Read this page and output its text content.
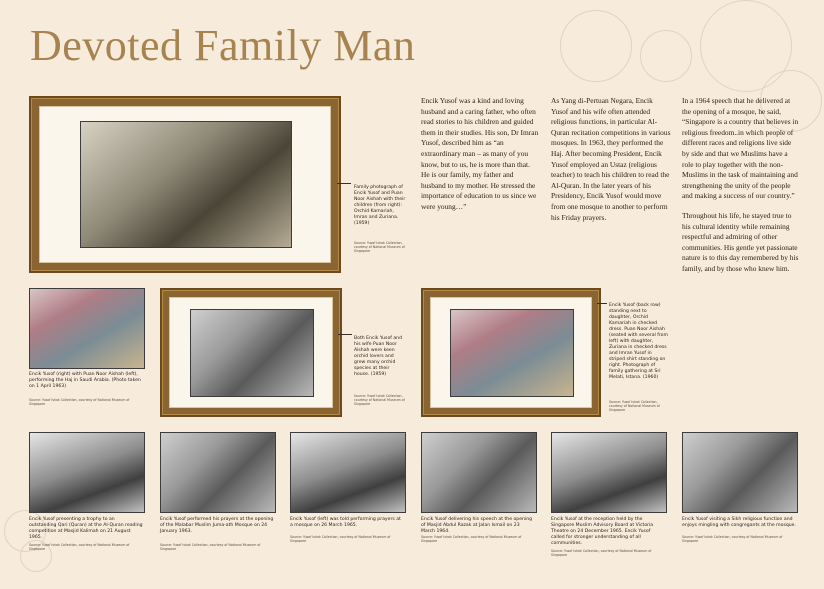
Devoted Family Man
Family photograph of Encik Yusof and Puan Noor Aishah with their children (from right): Orchid Kamariah, Imran and Zuriana. (1959)
Source: Yusof Ishak Collection, courtesy of National Museum of Singapore

Encik Yusof was a kind and loving husband and a caring father, who often read stories to his children and guided them in their studies. His son, Dr Imran Yusof, described him as “an extraordinary man – as many of you know, but to us, he is more than that. He is our family, my father and husband to my mother. He stressed the importance of education to us since we were young…”

As Yang di-Pertuan Negara, Encik Yusof and his wife often attended religious functions, in particular Al-Quran recitation competitions in various mosques. In 1963, they performed the Haj. After becoming President, Encik Yusof employed an Ustaz (religious teacher) to teach his children to read the Al-Quran. In the later years of his Presidency, Encik Yusof would move from one mosque to another to perform his Friday prayers.

In a 1964 speech that he delivered at the opening of a mosque, he said, “Singapore is a country that believes in religious freedom..in which people of different races and religions live side by side and that we Muslims have a role to play together with the non-Muslims in the task of maintaining and strengthening the unity of the people and making a success of our country.”

Throughout his life, he stayed true to his cultural identity while remaining respectful and admiring of other communities. His gentle yet passionate nature is to this day remembered by his family, and by those who knew him.

Encik Yusof (right) with Puan Noor Aishah (left), performing the Haj in Saudi Arabia. (Photo taken on 1 April 1963)
Source: Yusof Ishak Collection, courtesy of National Museum of Singapore
Both Encik Yusof and his wife Puan Noor Aishah were keen orchid lovers and grew many orchid species at their house. (1959)
Source: Yusof Ishak Collection, courtesy of National Museum of Singapore
Encik Yusof (back row) standing next to daughter, Orchid Kamariah in checked dress. Puan Noor Aishah (seated with several from left) with daughter, Zuriana in checked dress and Imran Yusof in striped shirt standing on right. Photograph of family gathering at Sri Melati, Istana. (1960)
Source: Yusof Ishak Collection, courtesy of National Museum of Singapore
Encik Yusof presenting a trophy to an outstanding Qari (Quran) at the Al-Quran reading competition at Masjid Kalimah on 21 August 1965.
Source: Yusof Ishak Collection, courtesy of National Museum of Singapore
Encik Yusof performed his prayers at the opening of the Malabar Muslim Juma-ath Mosque on 24 January 1963.
Source: Yusof Ishak Collection, courtesy of National Museum of Singapore
Encik Yusof (left) was told performing prayers at a mosque on 26 March 1965.
Source: Yusof Ishak Collection, courtesy of National Museum of Singapore
Encik Yusof delivering his speech at the opening of Masjid Abdul Razak at Jalan Ismail on 23 March 1964.
Source: Yusof Ishak Collection, courtesy of National Museum of Singapore
Encik Yusof at the reception held by the Singapore Muslim Advisory Board at Victoria Theatre on 24 December 1965. Encik Yusof called for stronger understanding of all communities.
Source: Yusof Ishak Collection, courtesy of National Museum of Singapore
Encik Yusof visiting a Sikh religious function and enjoys mingling with congregants at the mosque.
Source: Yusof Ishak Collection, courtesy of National Museum of Singapore
